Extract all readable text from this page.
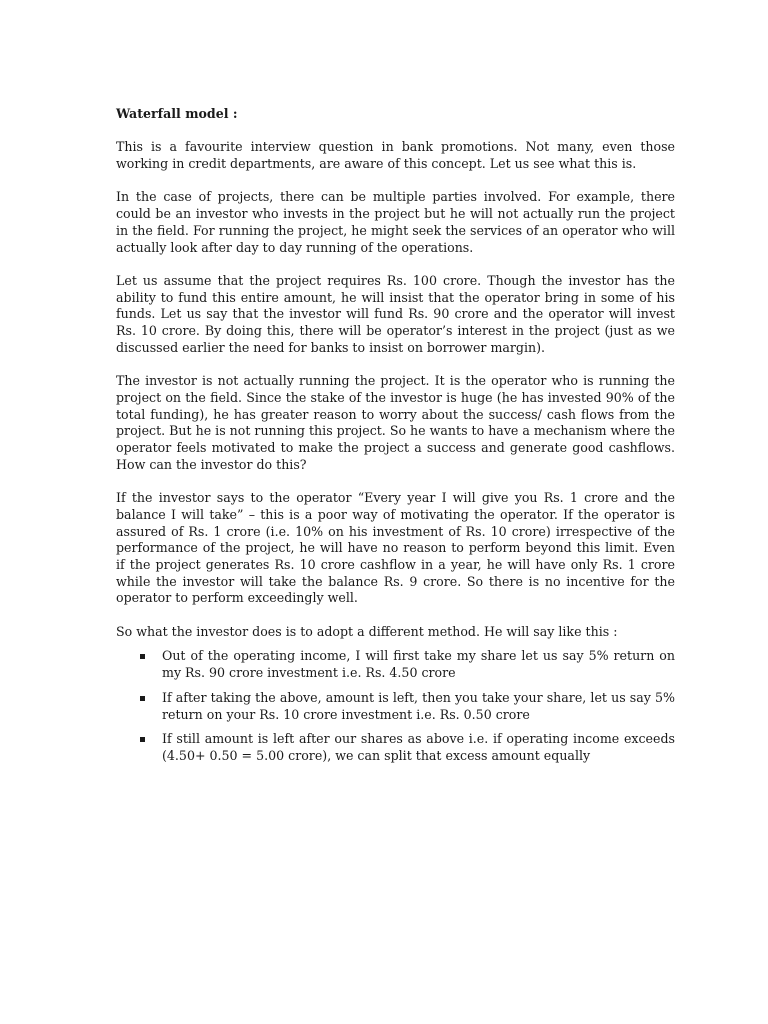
Waterfall model :

This is a favourite interview question in bank promotions. Not many, even those working in credit departments, are aware of this concept. Let us see what this is.

In the case of projects, there can be multiple parties involved. For example, there could be an investor who invests in the project but he will not actually run the project in the field. For running the project, he might seek the services of an operator who will actually look after day to day running of the operations.

Let us assume that the project requires Rs. 100 crore. Though the investor has the ability to fund this entire amount, he will insist that the operator bring in some of his funds. Let us say that the investor will fund Rs. 90 crore and the operator will invest Rs. 10 crore. By doing this, there will be operator’s interest in the project (just as we discussed earlier the need for banks to insist on borrower margin).

The investor is not actually running the project. It is the operator who is running the project on the field. Since the stake of the investor is huge (he has invested 90% of the total funding), he has greater reason to worry about the success/ cash flows from the project. But he is not running this project. So he wants to have a mechanism where the operator feels motivated to make the project a success and generate good cashflows. How can the investor do this?

If the investor says to the operator “Every year I will give you Rs. 1 crore and the balance I will take” – this is a poor way of motivating the operator. If the operator is assured of Rs. 1 crore (i.e. 10% on his investment of Rs. 10 crore) irrespective of the performance of the project, he will have no reason to perform beyond this limit. Even if the project generates Rs. 10 crore cashflow in a year, he will have only Rs. 1 crore while the investor will take the balance Rs. 9 crore. So there is no incentive for the operator to perform exceedingly well.

So what the investor does is to adopt a different method. He will say like this :

Out of the operating income, I will first take my share let us say 5% return on my Rs. 90 crore investment i.e. Rs. 4.50 crore
If after taking the above, amount is left, then you take your share, let us say 5% return on your Rs. 10 crore investment i.e. Rs. 0.50 crore
If still amount is left after our shares as above i.e. if operating income exceeds (4.50+ 0.50 = 5.00 crore), we can split that excess amount equally
